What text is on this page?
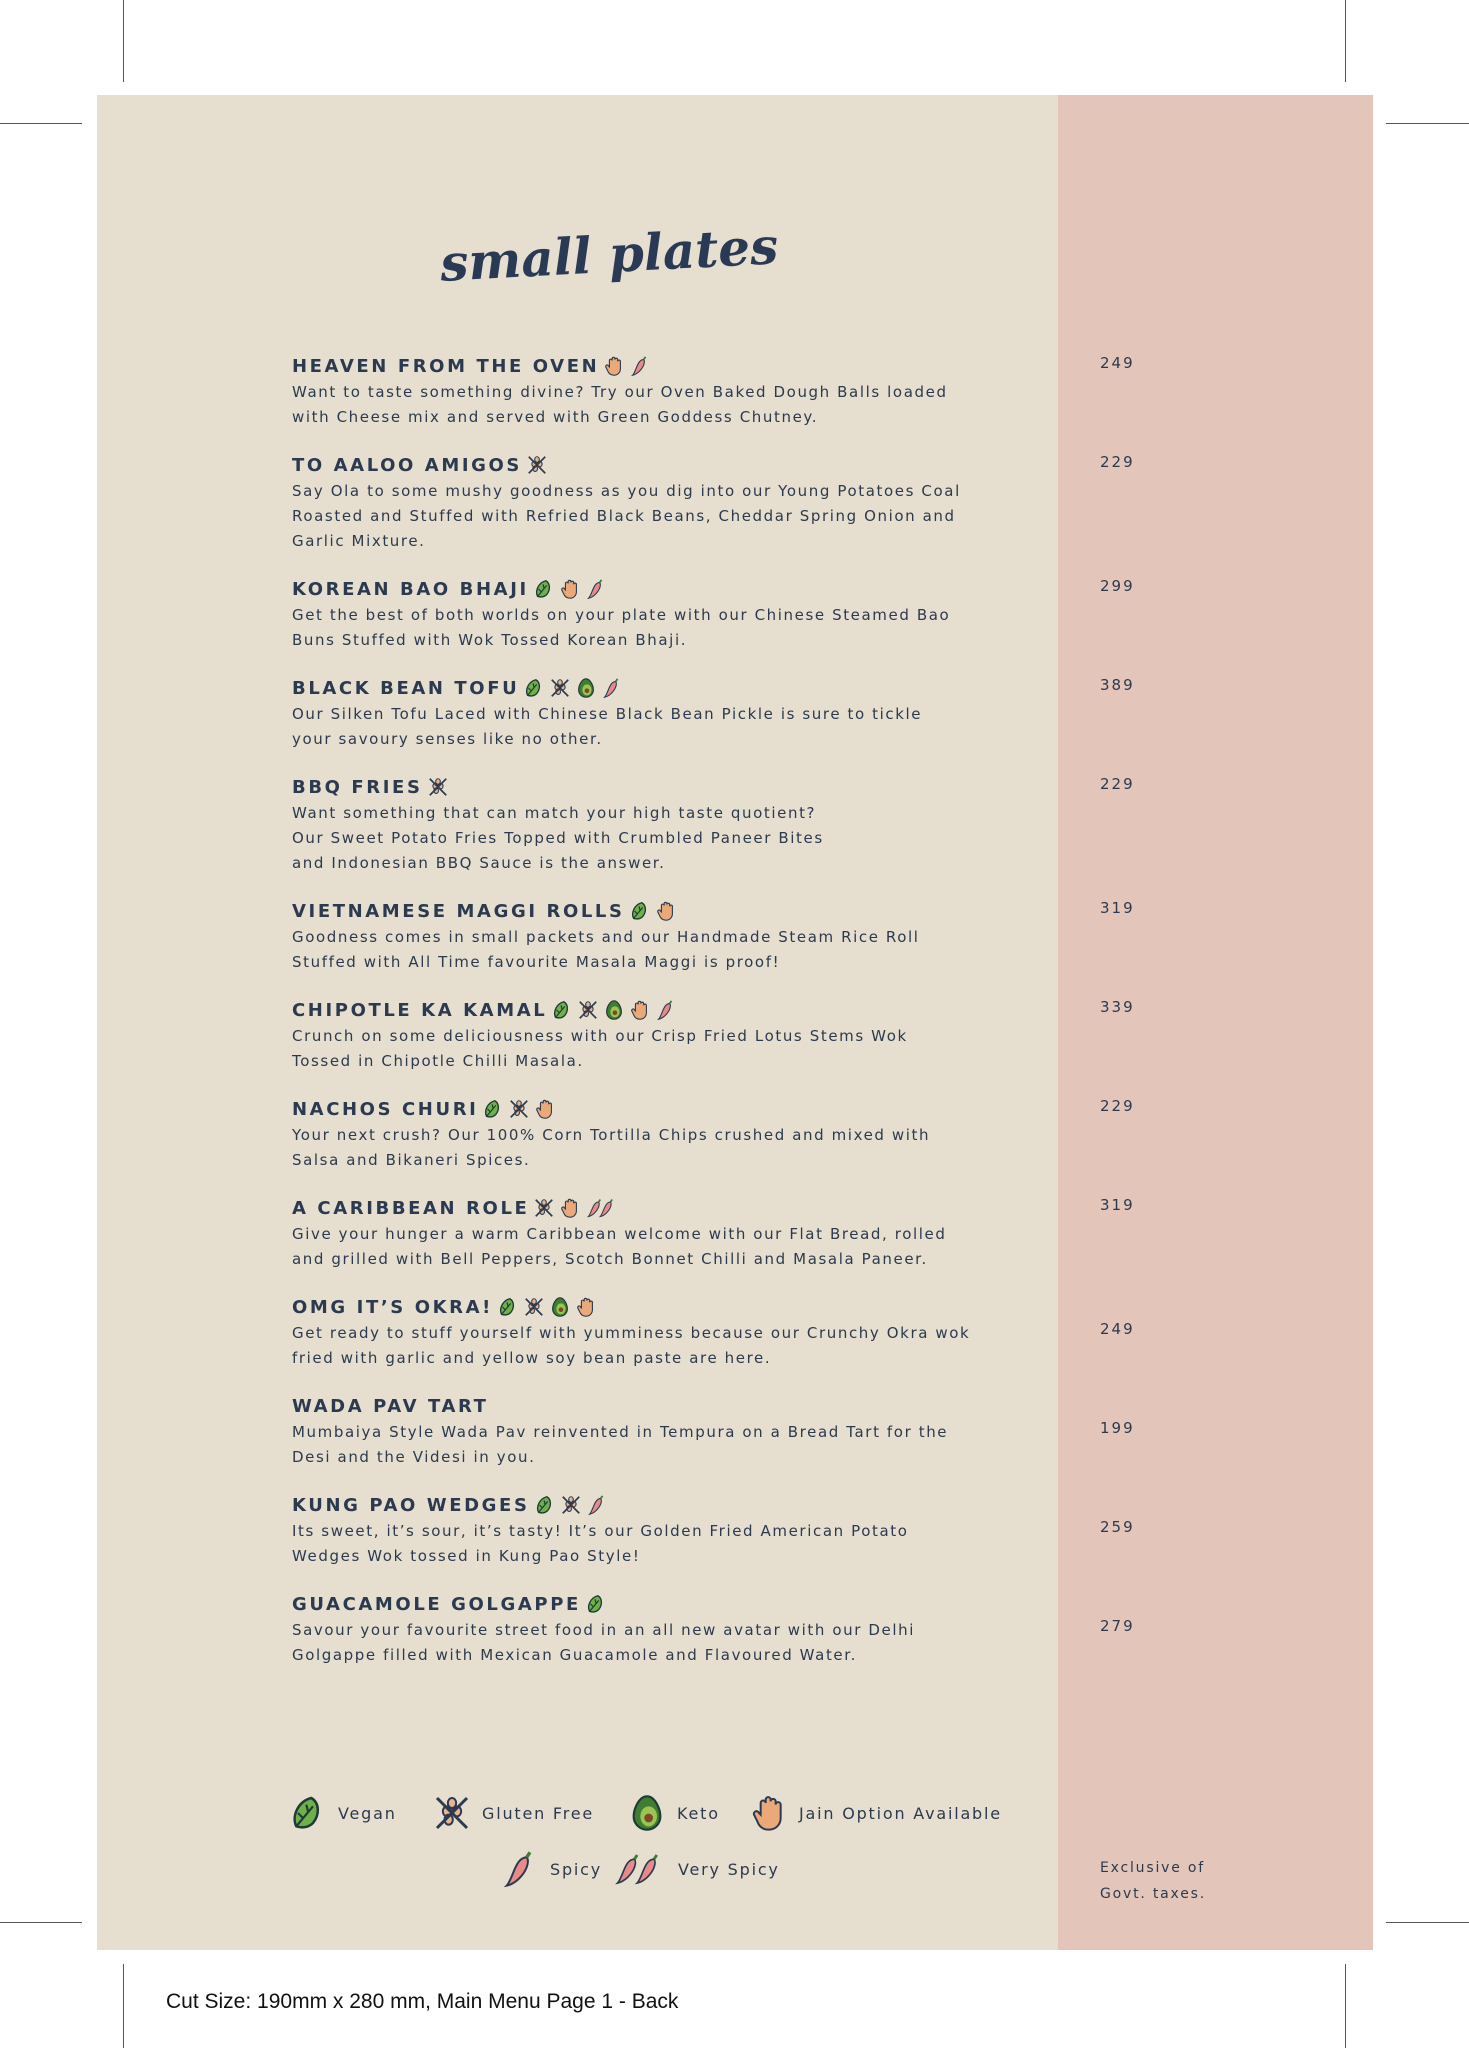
small plates
HEAVEN FROM THE OVEN
Want to taste something divine? Try our Oven Baked Dough Balls loaded
with Cheese mix and served with Green Goddess Chutney.
TO AALOO AMIGOS
Say Ola to some mushy goodness as you dig into our Young Potatoes Coal
Roasted and Stuffed with Refried Black Beans, Cheddar Spring Onion and
Garlic Mixture.
KOREAN BAO BHAJI
Get the best of both worlds on your plate with our Chinese Steamed Bao
Buns Stuffed with Wok Tossed Korean Bhaji.
BLACK BEAN TOFU
Our Silken Tofu Laced with Chinese Black Bean Pickle is sure to tickle
your savoury senses like no other.
BBQ FRIES
Want something that can match your high taste quotient?
Our Sweet Potato Fries Topped with Crumbled Paneer Bites
and Indonesian BBQ Sauce is the answer.
VIETNAMESE MAGGI ROLLS
Goodness comes in small packets and our Handmade Steam Rice Roll
Stuffed with All Time favourite Masala Maggi is proof!
CHIPOTLE KA KAMAL
Crunch on some deliciousness with our Crisp Fried Lotus Stems Wok
Tossed in Chipotle Chilli Masala.
NACHOS CHURI
Your next crush? Our 100% Corn Tortilla Chips crushed and mixed with
Salsa and Bikaneri Spices.
A CARIBBEAN ROLE
Give your hunger a warm Caribbean welcome with our Flat Bread, rolled
and grilled with Bell Peppers, Scotch Bonnet Chilli and Masala Paneer.
OMG IT’S OKRA!
Get ready to stuff yourself with yumminess because our Crunchy Okra wok
fried with garlic and yellow soy bean paste are here.
WADA PAV TART
Mumbaiya Style Wada Pav reinvented in Tempura on a Bread Tart for the
Desi and the Videsi in you.
KUNG PAO WEDGES
Its sweet, it’s sour, it’s tasty! It’s our Golden Fried American Potato
Wedges Wok tossed in Kung Pao Style!
GUACAMOLE GOLGAPPE
Savour your favourite street food in an all new avatar with our Delhi
Golgappe filled with Mexican Guacamole and Flavoured Water.
Vegan	Gluten Free	Keto	Jain Option Available
Spicy	Very Spicy	Exclusive of
Govt. taxes.
Cut Size: 190mm x 280 mm, Main Menu Page 1 - Back
249
229
299
389
229
319
339
229
319
249
199
259
279
